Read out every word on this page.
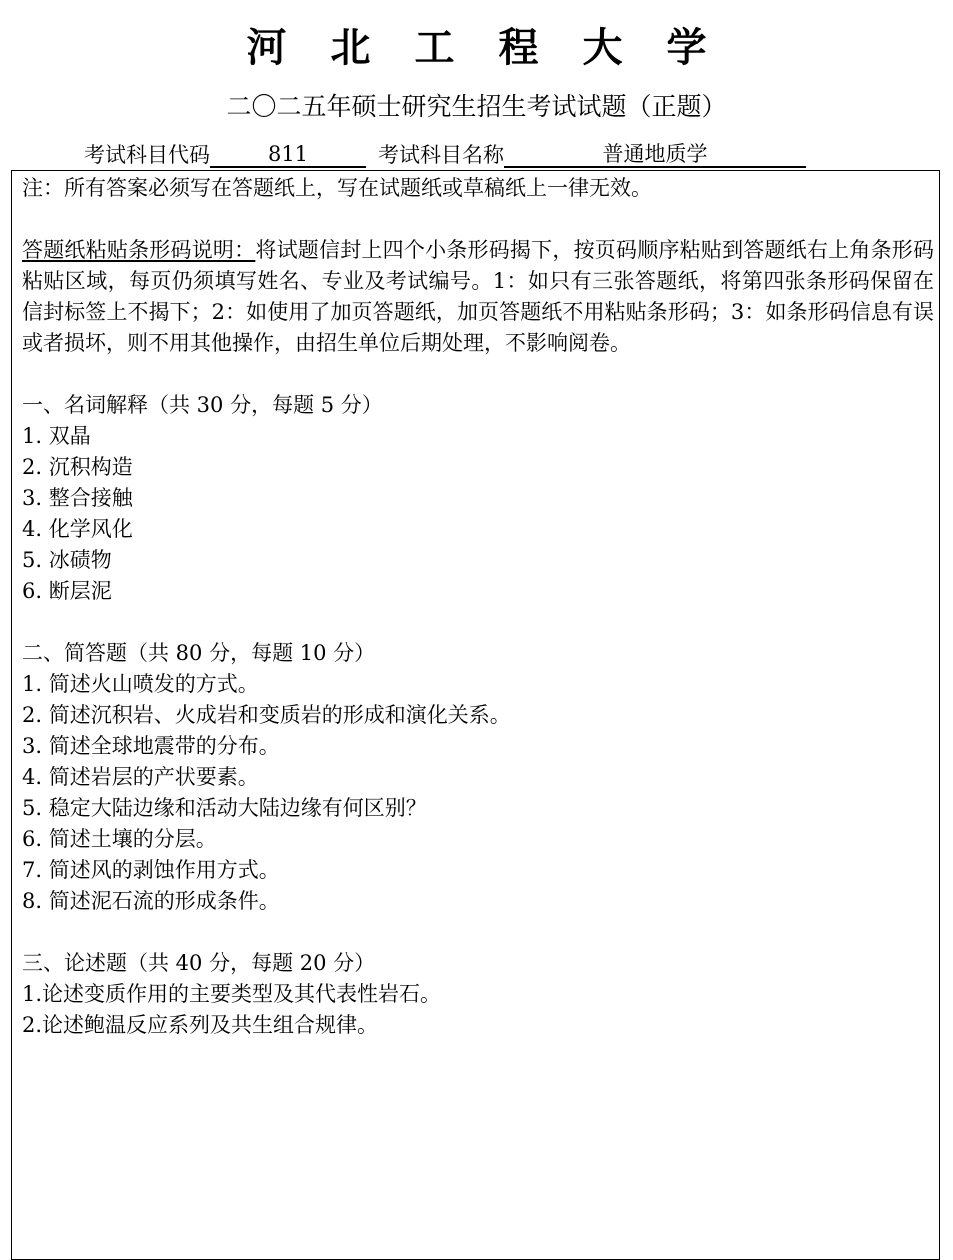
河北工程大学
二〇二五年硕士研究生招生考试试题（正题）
考试科目代码	811	考试科目名称	普通地质学

注：所有答案必须写在答题纸上，写在试题纸或草稿纸上一律无效。

答题纸粘贴条形码说明：将试题信封上四个小条形码揭下，按页码顺序粘贴到答题纸右上角条形码粘贴区域，每页仍须填写姓名、专业及考试编号。1：如只有三张答题纸，将第四张条形码保留在信封标签上不揭下；2：如使用了加页答题纸，加页答题纸不用粘贴条形码；3：如条形码信息有误或者损坏，则不用其他操作，由招生单位后期处理，不影响阅卷。

一、名词解释（共 30 分，每题 5 分）

1. 双晶

2. 沉积构造

3. 整合接触

4. 化学风化

5. 冰碛物

6. 断层泥

二、简答题（共 80 分，每题 10 分）

1. 简述火山喷发的方式。

2. 简述沉积岩、火成岩和变质岩的形成和演化关系。

3. 简述全球地震带的分布。

4. 简述岩层的产状要素。

5. 稳定大陆边缘和活动大陆边缘有何区别？

6. 简述土壤的分层。

7. 简述风的剥蚀作用方式。

8. 简述泥石流的形成条件。

三、论述题（共 40 分，每题 20 分）

1.论述变质作用的主要类型及其代表性岩石。

2.论述鲍温反应系列及共生组合规律。
